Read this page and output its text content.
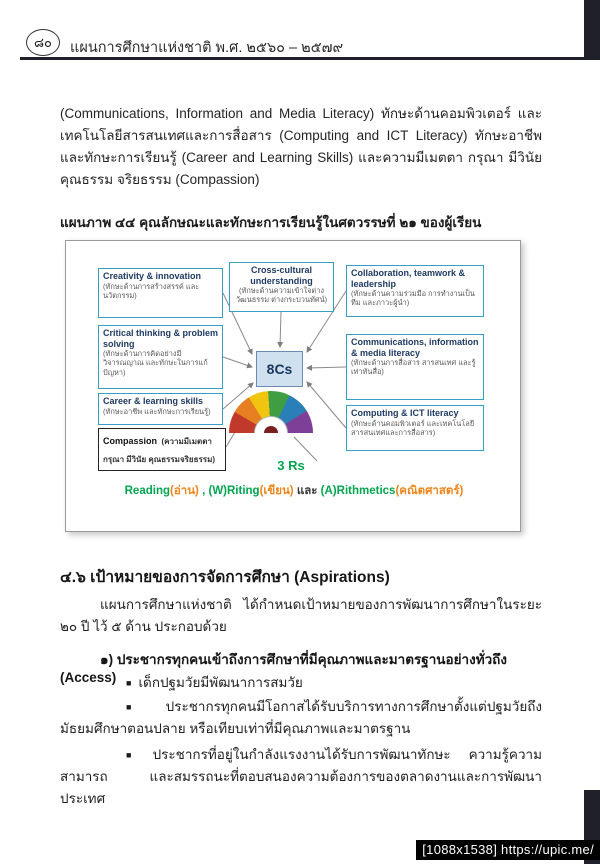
๘๐ แผนการศึกษาแห่งชาติ พ.ศ. ๒๕๖๐ – ๒๕๗๙

(Communications, Information and Media Literacy) ทักษะด้านคอมพิวเตอร์ และเทคโนโลยีสารสนเทศและการสื่อสาร (Computing and ICT Literacy) ทักษะอาชีพ และทักษะการเรียนรู้ (Career and Learning Skills) และความมีเมตตา กรุณา มีวินัย คุณธรรม จริยธรรม (Compassion)

แผนภาพ ๔๔ คุณลักษณะและทักษะการเรียนรู้ในศตวรรษที่ ๒๑ ของผู้เรียน
Creativity & innovation
(ทักษะด้านการสร้างสรรค์ และนวัตกรรม)
Cross-cultural understanding
(ทักษะด้านความเข้าใจต่างวัฒนธรรม ต่างกระบวนทัศน์)
Collaboration, teamwork & leadership
(ทักษะด้านความร่วมมือ การทำงานเป็นทีม และภาวะผู้นำ)
Critical thinking & problem solving
(ทักษะด้านการคิดอย่างมีวิจารณญาณ และทักษะในการแก้ปัญหา)
Communications, information & media literacy
(ทักษะด้านการสื่อสาร สารสนเทศ และรู้เท่าทันสื่อ)
Career & learning skills
(ทักษะอาชีพ และทักษะการเรียนรู้)
Compassion (ความมีเมตตา กรุณา มีวินัย คุณธรรมจริยธรรม)
Computing & ICT literacy
(ทักษะด้านคอมพิวเตอร์ และเทคโนโลยีสารสนเทศและการสื่อสาร)
8Cs
3 Rs
Reading(อ่าน) , (W)Riting(เขียน) และ (A)Rithmetics(คณิตศาสตร์)
๔.๖ เป้าหมายของการจัดการศึกษา (Aspirations)

แผนการศึกษาแห่งชาติ ได้กำหนดเป้าหมายของการพัฒนาการศึกษาในระยะ ๒๐ ปี ไว้ ๕ ด้าน ประกอบด้วย

๑) ประชากรทุกคนเข้าถึงการศึกษาที่มีคุณภาพและมาตรฐานอย่างทั่วถึง (Access)	■ เด็กปฐมวัยมีพัฒนาการสมวัย

■ ประชากรทุกคนมีโอกาสได้รับบริการทางการศึกษาตั้งแต่ปฐมวัยถึงมัธยมศึกษาตอนปลาย หรือเทียบเท่าที่มีคุณภาพและมาตรฐาน

■ ประชากรที่อยู่ในกำลังแรงงานได้รับการพัฒนาทักษะ ความรู้ความสามารถ และสมรรถนะที่ตอบสนองความต้องการของตลาดงานและการพัฒนาประเทศ

[1088x1538] https://upic.me/
